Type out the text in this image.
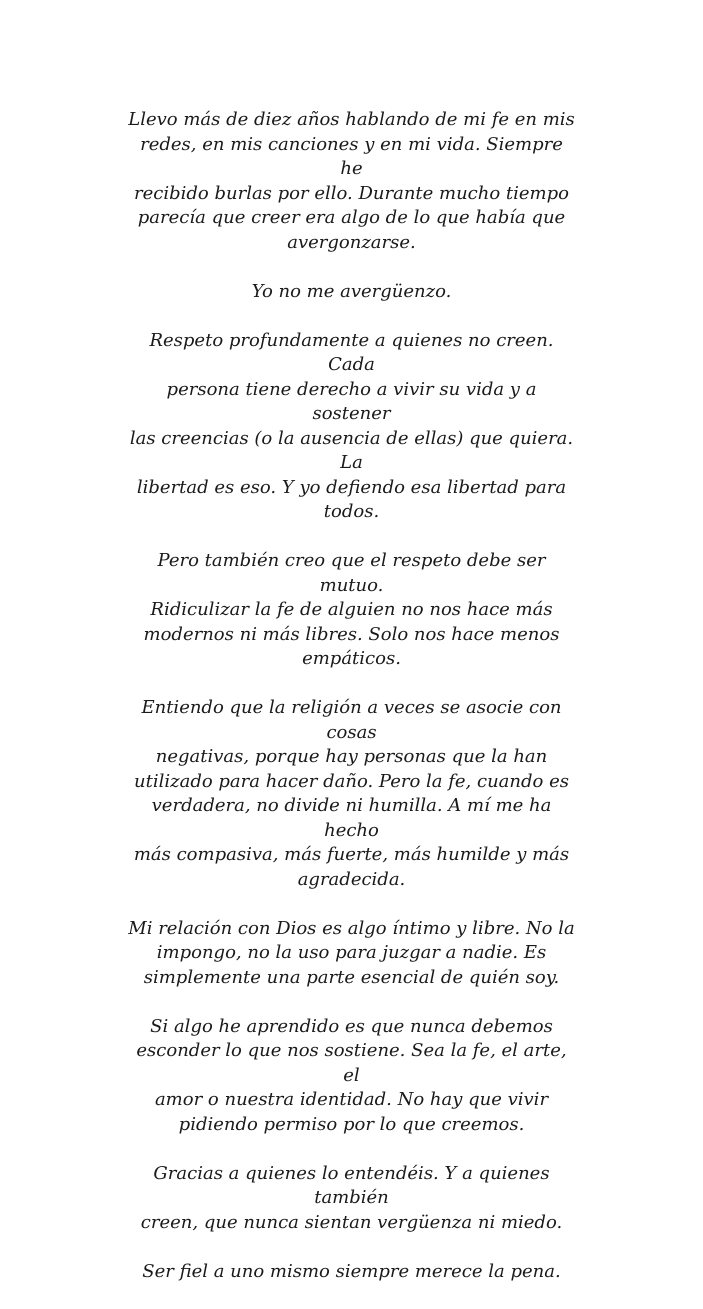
Llevo más de diez años hablando de mi fe en mis
redes, en mis canciones y en mi vida. Siempre he
recibido burlas por ello. Durante mucho tiempo
parecía que creer era algo de lo que había que
avergonzarse.

Yo no me avergüenzo.

Respeto profundamente a quienes no creen. Cada
persona tiene derecho a vivir su vida y a sostener
las creencias (o la ausencia de ellas) que quiera. La
libertad es eso. Y yo defiendo esa libertad para
todos.

Pero también creo que el respeto debe ser mutuo.
Ridiculizar la fe de alguien no nos hace más
modernos ni más libres. Solo nos hace menos
empáticos.

Entiendo que la religión a veces se asocie con cosas
negativas, porque hay personas que la han
utilizado para hacer daño. Pero la fe, cuando es
verdadera, no divide ni humilla. A mí me ha hecho
más compasiva, más fuerte, más humilde y más
agradecida.

Mi relación con Dios es algo íntimo y libre. No la
impongo, no la uso para juzgar a nadie. Es
simplemente una parte esencial de quién soy.

Si algo he aprendido es que nunca debemos
esconder lo que nos sostiene. Sea la fe, el arte, el
amor o nuestra identidad. No hay que vivir
pidiendo permiso por lo que creemos.

Gracias a quienes lo entendéis. Y a quienes también
creen, que nunca sientan vergüenza ni miedo.

Ser fiel a uno mismo siempre merece la pena.
